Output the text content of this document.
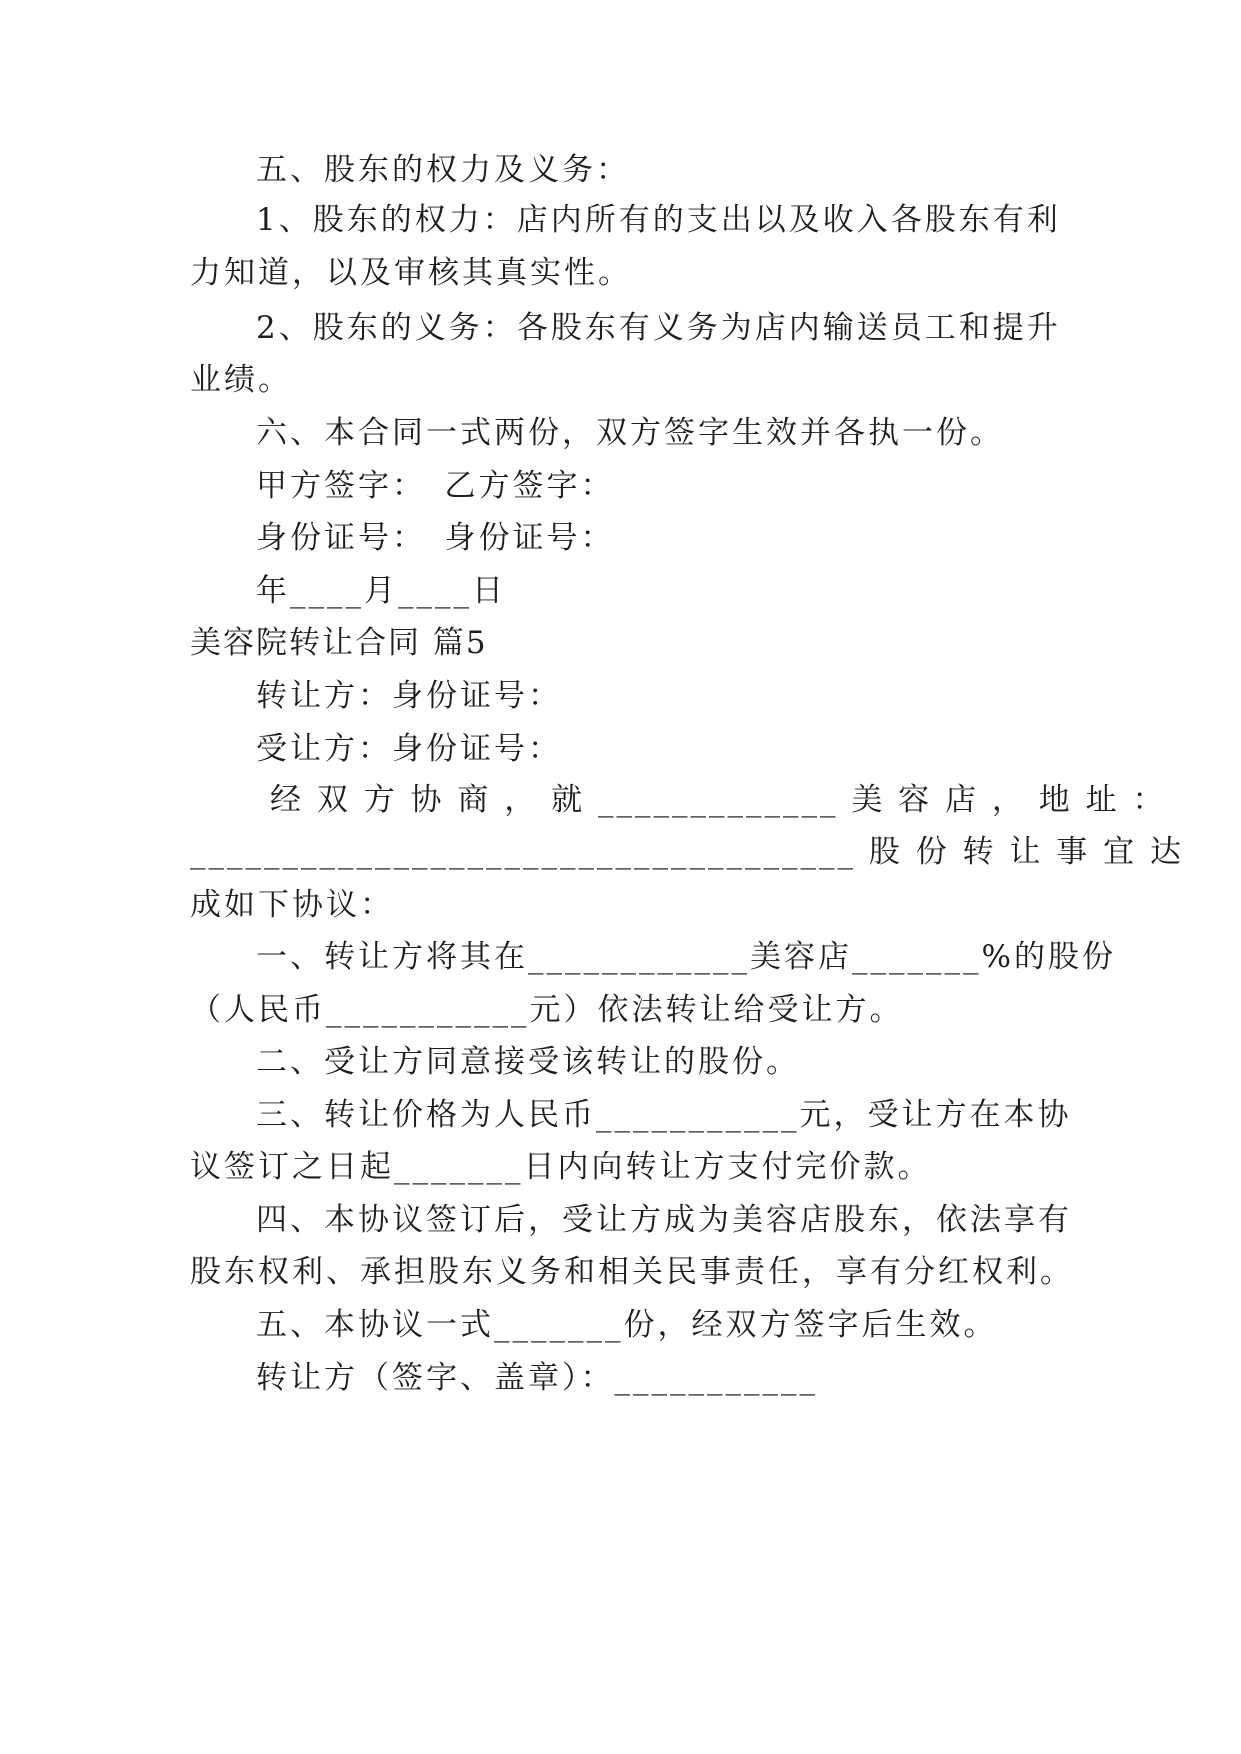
五、股东的权力及义务：
1、股东的权力：店内所有的支出以及收入各股东有利
力知道，以及审核其真实性。
2、股东的义务：各股东有义务为店内输送员工和提升
业绩。
六、本合同一式两份，双方签字生效并各执一份。
甲方签字：　乙方签字：
身份证号：　身份证号：
年____月____日
美容院转让合同 篇5
转让方：身份证号：
受让方：身份证号：
经 双 方 协 商 ， 就 _____________ 美 容 店 ， 地 址 ：
____________________________________ 股 份 转 让 事 宜 达
成如下协议：
一、转让方将其在____________美容店_______%的股份
（人民币___________元）依法转让给受让方。
二、受让方同意接受该转让的股份。
三、转让价格为人民币___________元，受让方在本协
议签订之日起_______日内向转让方支付完价款。
四、本协议签订后，受让方成为美容店股东，依法享有
股东权利、承担股东义务和相关民事责任，享有分红权利。
五、本协议一式_______份，经双方签字后生效。
转让方（签字、盖章）：___________
